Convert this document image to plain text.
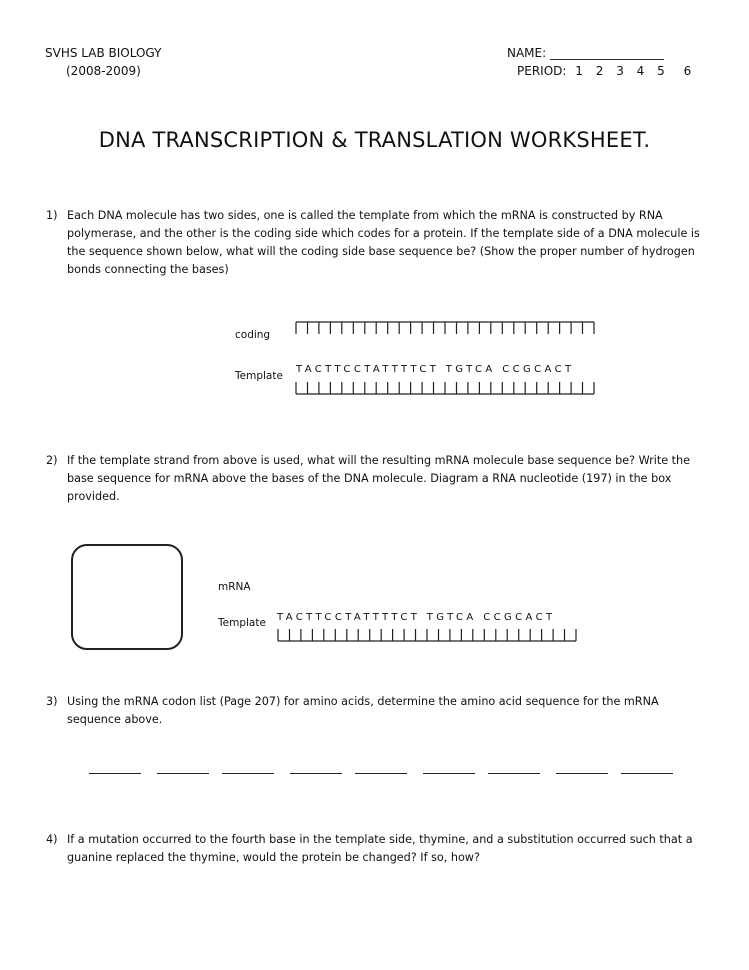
SVHS LAB BIOLOGY
(2008-2009)
NAME: ___________________
PERIOD: 1 2 3 4 5 6
DNA TRANSCRIPTION & TRANSLATION WORKSHEET.
1) Each DNA molecule has two sides, one is called the template from which the mRNA is constructed by RNA polymerase, and the other is the coding side which codes for a protein. If the template side of a DNA molecule is the sequence shown below, what will the coding side base sequence be? (Show the proper number of hydrogen bonds connecting the bases)
coding
Template
TACTTCCTATTTTCT TGTCA CCGCACT
2) If the template strand from above is used, what will the resulting mRNA molecule base sequence be? Write the base sequence for mRNA above the bases of the DNA molecule. Diagram a RNA nucleotide (197) in the box provided.
mRNA
Template TACTTCCTATTTTCT TGTCA CCGCACT
3) Using the mRNA codon list (Page 207) for amino acids, determine the amino acid sequence for the mRNA sequence above.
4) If a mutation occurred to the fourth base in the template side, thymine, and a substitution occurred such that a guanine replaced the thymine, would the protein be changed? If so, how?
